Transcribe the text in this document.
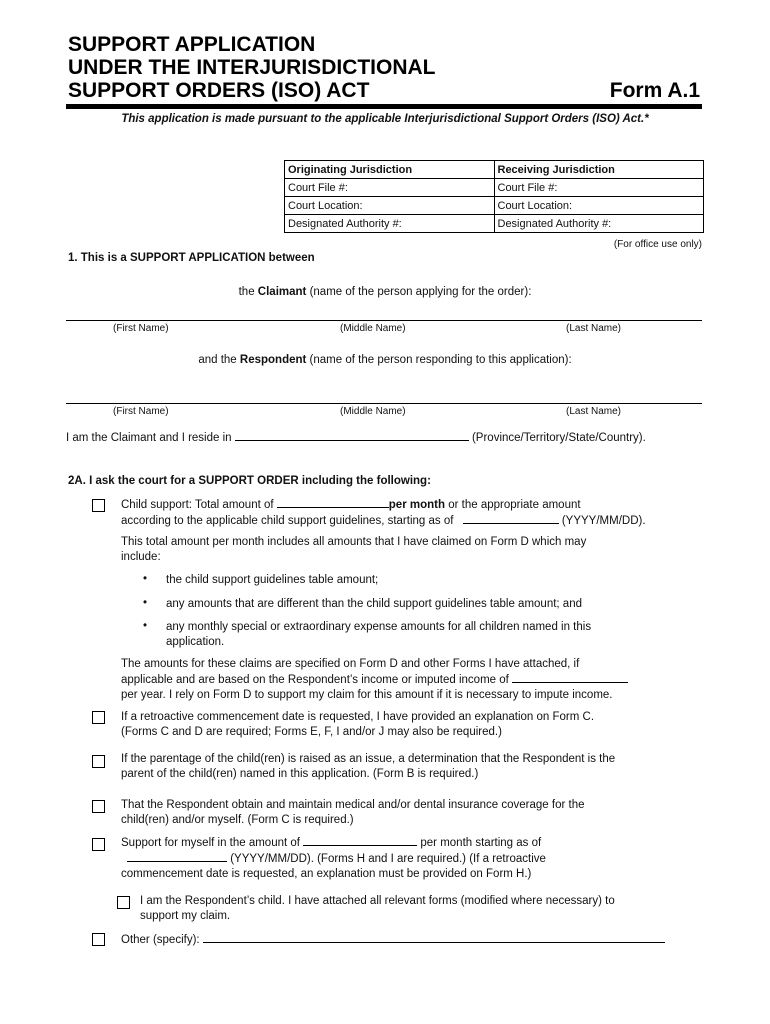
SUPPORT APPLICATION
UNDER THE INTERJURISDICTIONAL
SUPPORT ORDERS (ISO) ACT	Form A.1
This application is made pursuant to the applicable Interjurisdictional Support Orders (ISO) Act.*
Originating Jurisdiction	Receiving Jurisdiction
Court File #:	Court File #:
Court Location:	Court Location:
Designated Authority #:	Designated Authority #:
(For office use only)
1. This is a SUPPORT APPLICATION between
the Claimant (name of the person applying for the order):
(First Name)	(Middle Name)	(Last Name)
and the Respondent (name of the person responding to this application):
(First Name)	(Middle Name)	(Last Name)
I am the Claimant and I reside in	(Province/Territory/State/Country).
2A. I ask the court for a SUPPORT ORDER including the following:
Child support: Total amount of	per month or the appropriate amount
according to the applicable child support guidelines, starting as of	(YYYY/MM/DD).
This total amount per month includes all amounts that I have claimed on Form D which may
include:
• the child support guidelines table amount;
• any amounts that are different than the child support guidelines table amount; and
• any monthly special or extraordinary expense amounts for all children named in this
application.
The amounts for these claims are specified on Form D and other Forms I have attached, if
applicable and are based on the Respondent’s income or imputed income of
per year. I rely on Form D to support my claim for this amount if it is necessary to impute income.
If a retroactive commencement date is requested, I have provided an explanation on Form C.
(Forms C and D are required; Forms E, F, I and/or J may also be required.)
If the parentage of the child(ren) is raised as an issue, a determination that the Respondent is the
parent of the child(ren) named in this application. (Form B is required.)
That the Respondent obtain and maintain medical and/or dental insurance coverage for the
child(ren) and/or myself. (Form C is required.)
Support for myself in the amount of	per month starting as of
(YYYY/MM/DD). (Forms H and I are required.) (If a retroactive
commencement date is requested, an explanation must be provided on Form H.)
I am the Respondent’s child. I have attached all relevant forms (modified where necessary) to
support my claim.
Other (specify):
